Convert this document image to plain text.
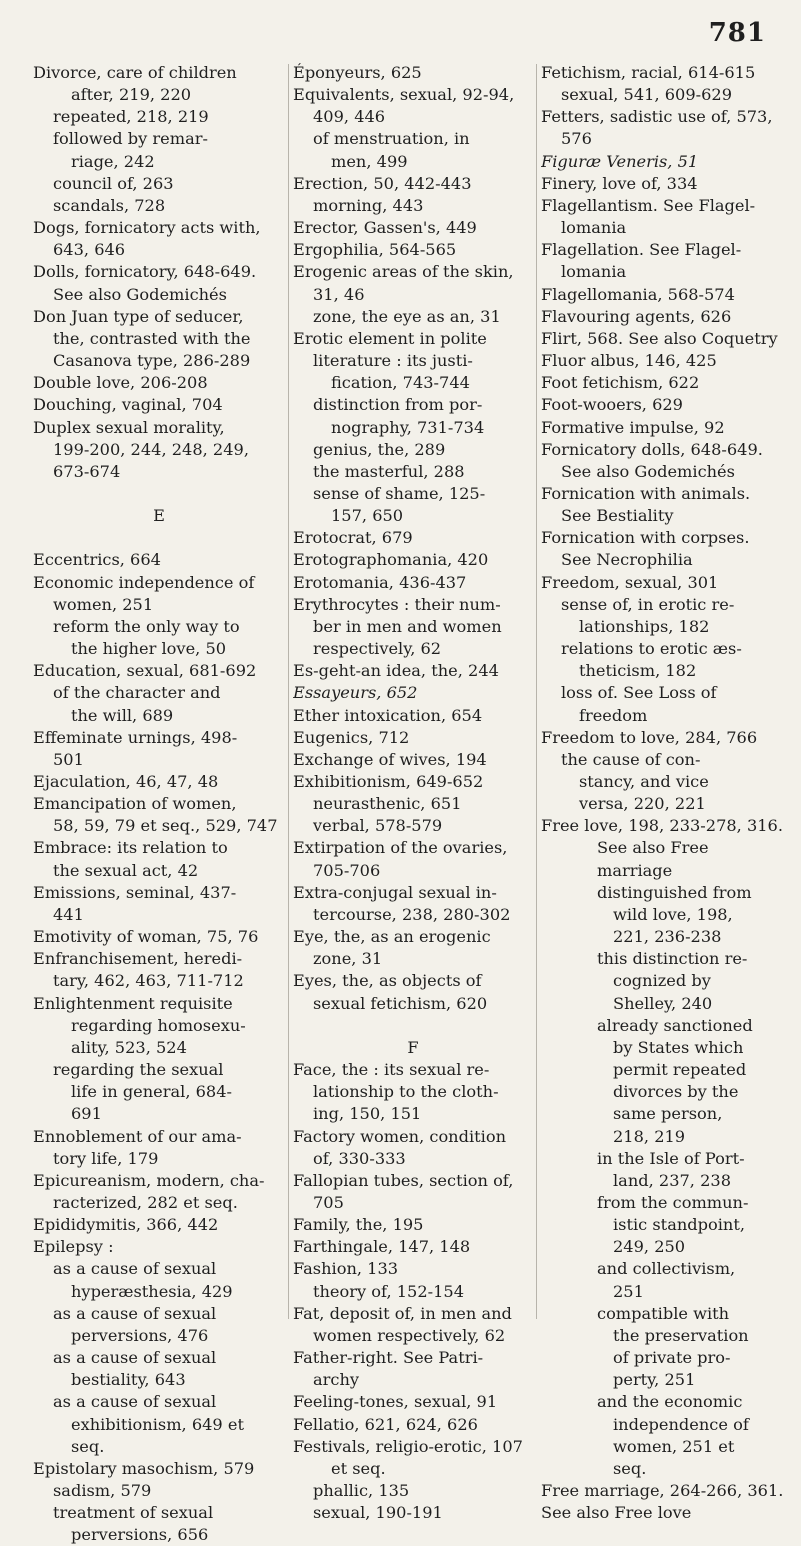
781
Divorce, care of children
after, 219, 220
repeated, 218, 219
followed by remar-
riage, 242
council of, 263
scandals, 728
Dogs, fornicatory acts with,
643, 646
Dolls, fornicatory, 648-649.
See also Godemichés
Don Juan type of seducer,
the, contrasted with the
Casanova type, 286-289
Double love, 206-208
Douching, vaginal, 704
Duplex sexual morality,
199-200, 244, 248, 249,
673-674

E

Eccentrics, 664
Economic independence of
women, 251
reform the only way to
the higher love, 50
Education, sexual, 681-692
of the character and
the will, 689
Effeminate urnings, 498-
501
Ejaculation, 46, 47, 48
Emancipation of women,
58, 59, 79 et seq., 529, 747
Embrace: its relation to
the sexual act, 42
Emissions, seminal, 437-
441
Emotivity of woman, 75, 76
Enfranchisement, heredi-
tary, 462, 463, 711-712
Enlightenment requisite
regarding homosexu-
ality, 523, 524
regarding the sexual
life in general, 684-
691
Ennoblement of our ama-
tory life, 179
Epicureanism, modern, cha-
racterized, 282 et seq.
Epididymitis, 366, 442
Epilepsy :
as a cause of sexual
hyperæsthesia, 429
as a cause of sexual
perversions, 476
as a cause of sexual
bestiality, 643
as a cause of sexual
exhibitionism, 649 et
seq.
Epistolary masochism, 579
sadism, 579
treatment of sexual
perversions, 656
Éponyeurs, 625
Equivalents, sexual, 92-94,
409, 446
of menstruation, in
men, 499
Erection, 50, 442-443
morning, 443
Erector, Gassen's, 449
Ergophilia, 564-565
Erogenic areas of the skin,
31, 46
zone, the eye as an, 31
Erotic element in polite
literature : its justi-
fication, 743-744
distinction from por-
nography, 731-734
genius, the, 289
the masterful, 288
sense of shame, 125-
157, 650
Erotocrat, 679
Erotographomania, 420
Erotomania, 436-437
Erythrocytes : their num-
ber in men and women
respectively, 62
Es-geht-an idea, the, 244
Essayeurs, 652
Ether intoxication, 654
Eugenics, 712
Exchange of wives, 194
Exhibitionism, 649-652
neurasthenic, 651
verbal, 578-579
Extirpation of the ovaries,
705-706
Extra-conjugal sexual in-
tercourse, 238, 280-302
Eye, the, as an erogenic
zone, 31
Eyes, the, as objects of
sexual fetichism, 620

F
Face, the : its sexual re-
lationship to the cloth-
ing, 150, 151
Factory women, condition
of, 330-333
Fallopian tubes, section of,
705
Family, the, 195
Farthingale, 147, 148
Fashion, 133
theory of, 152-154
Fat, deposit of, in men and
women respectively, 62
Father-right. See Patri-
archy
Feeling-tones, sexual, 91
Fellatio, 621, 624, 626
Festivals, religio-erotic, 107
et seq.
phallic, 135
sexual, 190-191
Fetichism, racial, 614-615
sexual, 541, 609-629
Fetters, sadistic use of, 573,
576
Figuræ Veneris, 51
Finery, love of, 334
Flagellantism. See Flagel-
lomania
Flagellation. See Flagel-
lomania
Flagellomania, 568-574
Flavouring agents, 626
Flirt, 568. See also Coquetry
Fluor albus, 146, 425
Foot fetichism, 622
Foot-wooers, 629
Formative impulse, 92
Fornicatory dolls, 648-649.
See also Godemichés
Fornication with animals.
See Bestiality
Fornication with corpses.
See Necrophilia
Freedom, sexual, 301
sense of, in erotic re-
lationships, 182
relations to erotic æs-
theticism, 182
loss of. See Loss of
freedom
Freedom to love, 284, 766
the cause of con-
stancy, and vice
versa, 220, 221
Free love, 198, 233-278, 316.
See also Free
marriage
distinguished from
wild love, 198,
221, 236-238
this distinction re-
cognized by
Shelley, 240
already sanctioned
by States which
permit repeated
divorces by the
same person,
218, 219
in the Isle of Port-
land, 237, 238
from the commun-
istic standpoint,
249, 250
and collectivism,
251
compatible with
the preservation
of private pro-
perty, 251
and the economic
independence of
women, 251 et
seq.
Free marriage, 264-266, 361.
See also Free love
